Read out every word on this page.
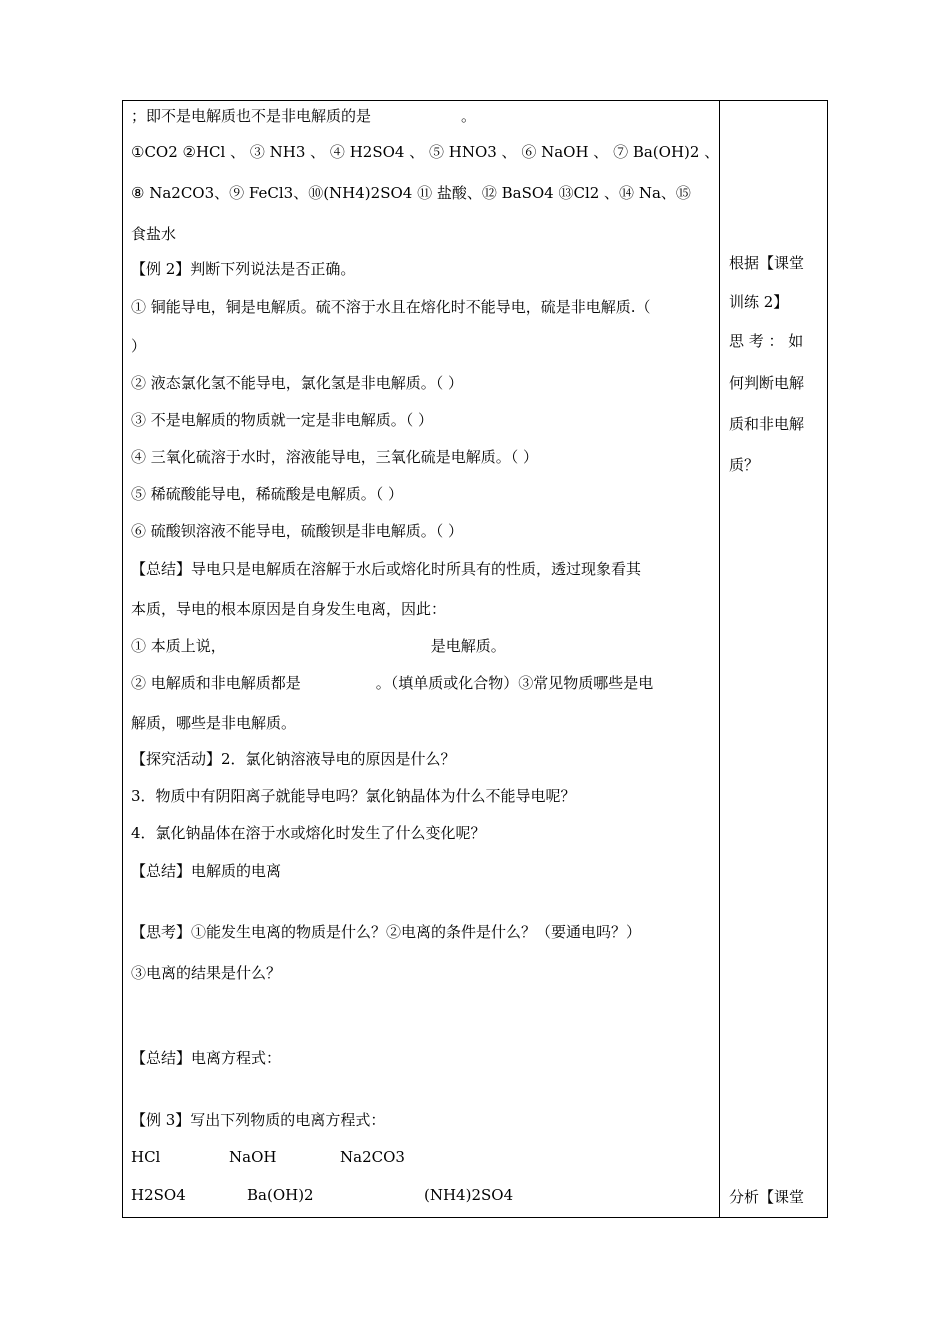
；即不是电解质也不是非电解质的是	。
①CO2 ②HCl 、 ③ NH3 、 ④ H2SO4 、 ⑤ HNO3 、 ⑥ NaOH 、 ⑦ Ba(OH)2 、
⑧ Na2CO3、⑨ FeCl3、⑩(NH4)2SO4 ⑪ 盐酸、⑫ BaSO4 ⑬Cl2 、⑭ Na、⑮
食盐水
【例 2】判断下列说法是否正确。
① 铜能导电，铜是电解质。硫不溶于水且在熔化时不能导电，硫是非电解质.（
）
② 液态氯化氢不能导电，氯化氢是非电解质。（ ）
③ 不是电解质的物质就一定是非电解质。（ ）
④ 三氧化硫溶于水时，溶液能导电，三氧化硫是电解质。（ ）
⑤ 稀硫酸能导电，稀硫酸是电解质。（ ）
⑥ 硫酸钡溶液不能导电，硫酸钡是非电解质。（ ）
【总结】导电只是电解质在溶解于水后或熔化时所具有的性质，透过现象看其
本质，导电的根本原因是自身发生电离，因此：
① 本质上说，	是电解质。
② 电解质和非电解质都是	。（填单质或化合物）③常见物质哪些是电
解质，哪些是非电解质。
【探究活动】2．氯化钠溶液导电的原因是什么？
3．物质中有阴阳离子就能导电吗？氯化钠晶体为什么不能导电呢？
4．氯化钠晶体在溶于水或熔化时发生了什么变化呢？
【总结】电解质的电离
【思考】①能发生电离的物质是什么？②电离的条件是什么？（要通电吗？）
③电离的结果是什么？
【总结】电离方程式：
【例 3】写出下列物质的电离方程式：
HCl	NaOH	Na2CO3
H2SO4	Ba(OH)2	(NH4)2SO4
根据【课堂
训练 2】
思 考 ： 如
何判断电解
质和非电解
质？
分析【课堂
